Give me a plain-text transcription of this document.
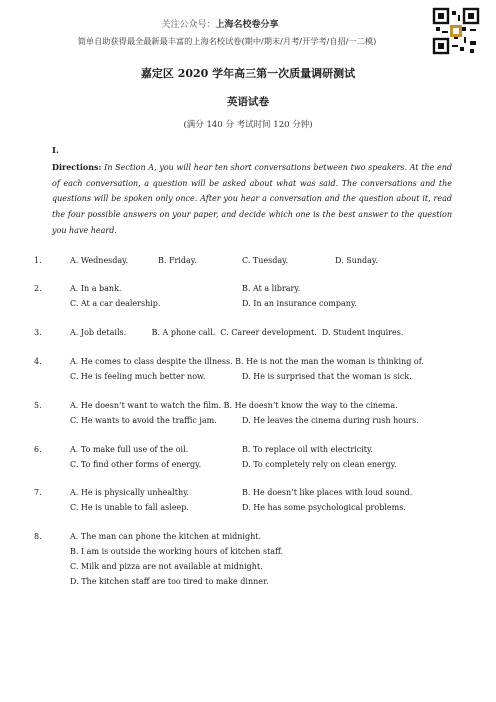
关注公众号：上海名校卷分享
简单自助获得最全最新最丰富的上海名校试卷(期中/期末/月考/开学考/自招/一二模)
嘉定区 2020 学年高三第一次质量调研测试
英语试卷
(满分 140 分 考试时间 120 分钟)
I.
Directions: In Section A, you will hear ten short conversations between two speakers. At the end of each conversation, a question will be asked about what was said. The conversations and the questions will be spoken only once. After you hear a conversation and the question about it, read the four possible answers on your paper, and decide which one is the best answer to the question you have heard.
1.	A. Wednesday.	B. Friday.	C. Tuesday.	D. Sunday.
2.	A. In a bank.	B. At a library.
C. At a car dealership.	D. In an insurance company.
3.	A. Job details.          B. A phone call.  C. Career development.  D. Student inquires.
4.	A. He comes to class despite the illness. B. He is not the man the woman is thinking of.
C. He is feeling much better now.	D. He is surprised that the woman is sick.
5.	A. He doesn’t want to watch the film. B. He doesn’t know the way to the cinema.
C. He wants to avoid the traffic jam.	D. He leaves the cinema during rush hours.
6.	A. To make full use of the oil.	B. To replace oil with electricity.
C. To find other forms of energy.	D. To completely rely on clean energy.
7.	A. He is physically unhealthy.	B. He doesn’t like places with loud sound.
C. He is unable to fall asleep.	D. He has some psychological problems.
8.	A. The man can phone the kitchen at midnight.
B. I am is outside the working hours of kitchen staff.
C. Milk and pizza are not available at midnight.
D. The kitchen staff are too tired to make dinner.
